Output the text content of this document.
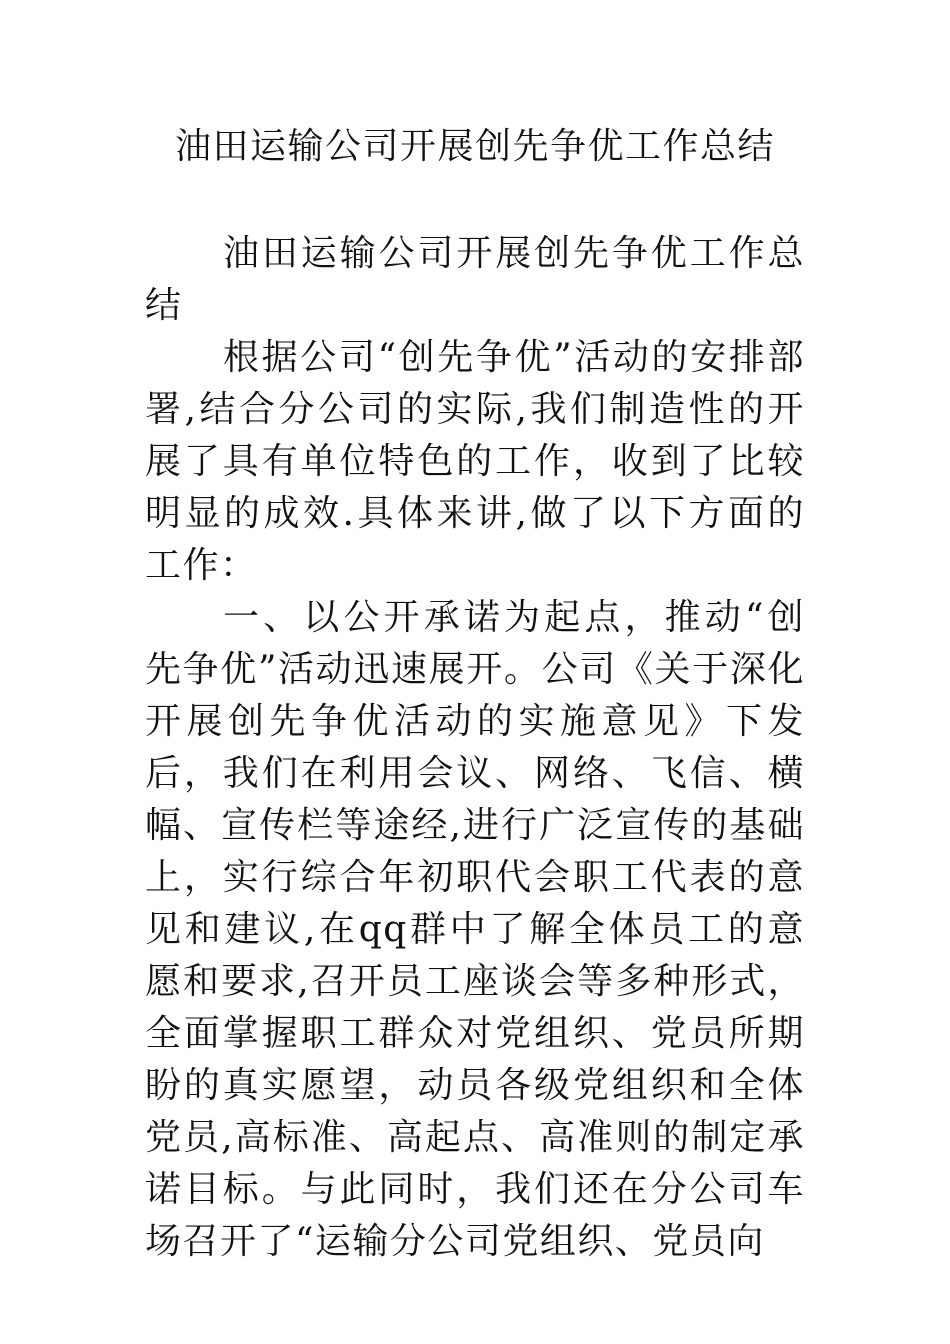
油田运输公司开展创先争优工作总结

油田运输公司开展创先争优工作总结

根据公司“创先争优”活动的安排部署,结合分公司的实际,我们制造性的开展了具有单位特色的工作，收到了比较明显的成效.具体来讲,做了以下方面的工作：

一、以公开承诺为起点，推动“创先争优”活动迅速展开。公司《关于深化开展创先争优活动的实施意见》下发后，我们在利用会议、网络、飞信、横幅、宣传栏等途经,进行广泛宣传的基础上，实行综合年初职代会职工代表的意见和建议,在qq群中了解全体员工的意愿和要求,召开员工座谈会等多种形式，全面掌握职工群众对党组织、党员所期盼的真实愿望，动员各级党组织和全体党员,高标准、高起点、高准则的制定承诺目标。与此同时，我们还在分公司车场召开了“运输分公司党组织、党员向
